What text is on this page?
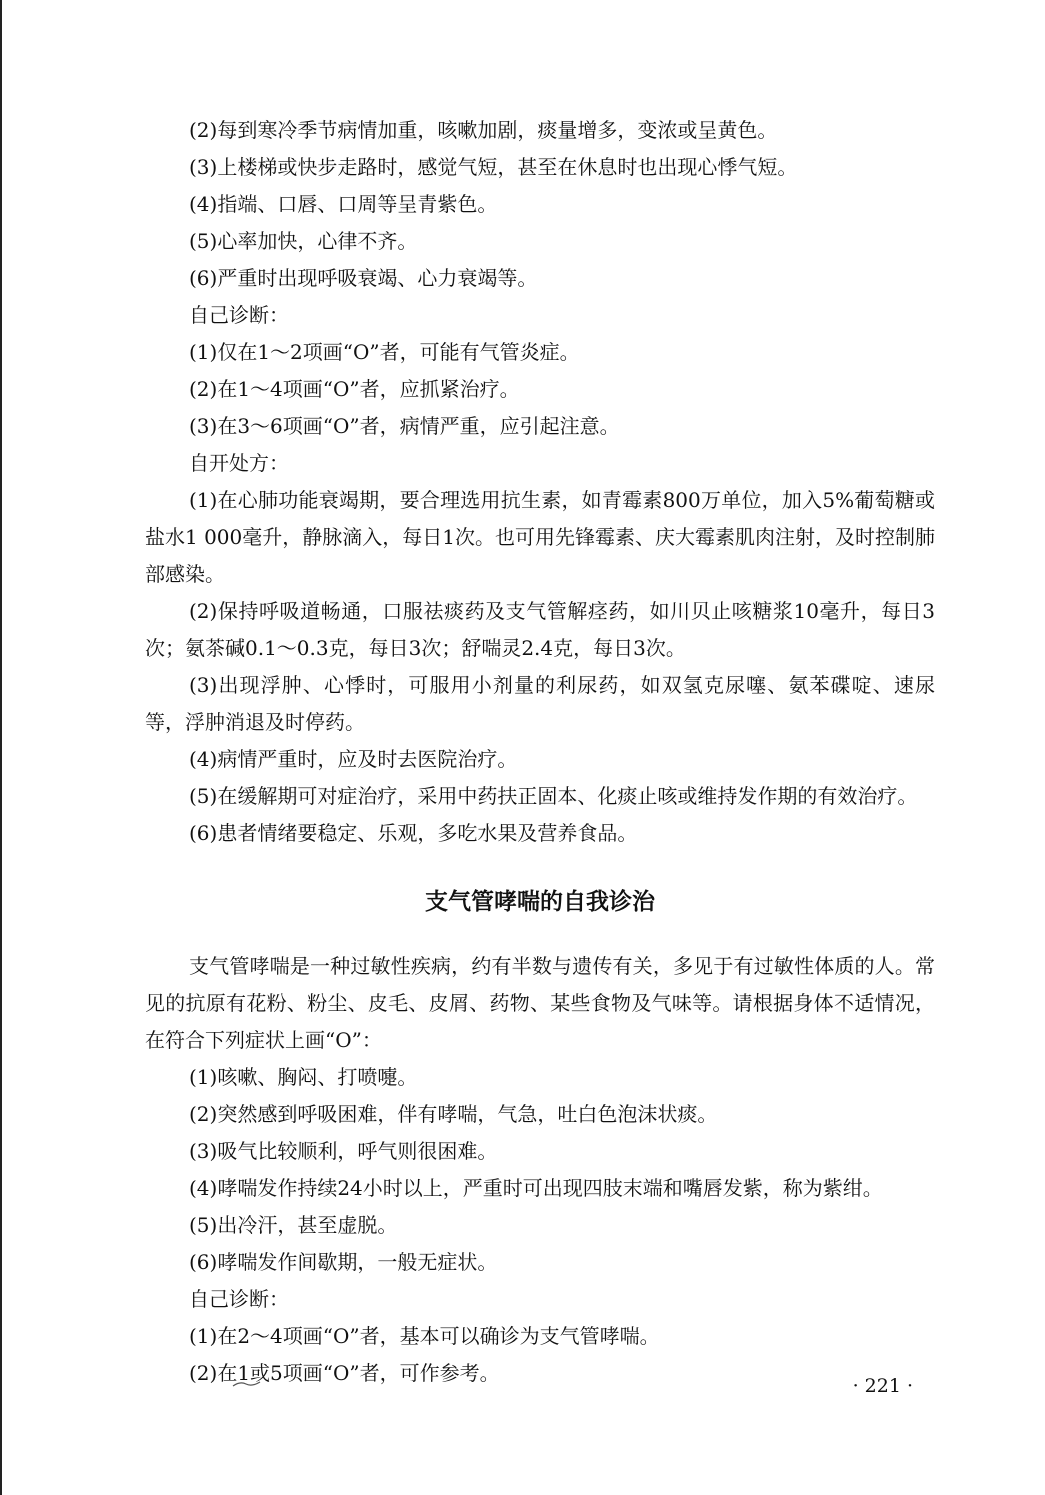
(2)每到寒冷季节病情加重，咳嗽加剧，痰量增多，变浓或呈黄色。

(3)上楼梯或快步走路时，感觉气短，甚至在休息时也出现心悸气短。

(4)指端、口唇、口周等呈青紫色。

(5)心率加快，心律不齐。

(6)严重时出现呼吸衰竭、心力衰竭等。

自己诊断：

(1)仅在1～2项画“O”者，可能有气管炎症。

(2)在1～4项画“O”者，应抓紧治疗。

(3)在3～6项画“O”者，病情严重，应引起注意。

自开处方：

(1)在心肺功能衰竭期，要合理选用抗生素，如青霉素800万单位，加入5%葡萄糖或盐水1 000毫升，静脉滴入，每日1次。也可用先锋霉素、庆大霉素肌肉注射，及时控制肺部感染。

(2)保持呼吸道畅通，口服祛痰药及支气管解痉药，如川贝止咳糖浆10毫升，每日3次；氨茶碱0.1～0.3克，每日3次；舒喘灵2.4克，每日3次。

(3)出现浮肿、心悸时，可服用小剂量的利尿药，如双氢克尿噻、氨苯碟啶、速尿等，浮肿消退及时停药。

(4)病情严重时，应及时去医院治疗。

(5)在缓解期可对症治疗，采用中药扶正固本、化痰止咳或维持发作期的有效治疗。

(6)患者情绪要稳定、乐观，多吃水果及营养食品。

支气管哮喘的自我诊治

支气管哮喘是一种过敏性疾病，约有半数与遗传有关，多见于有过敏性体质的人。常见的抗原有花粉、粉尘、皮毛、皮屑、药物、某些食物及气味等。请根据身体不适情况，在符合下列症状上画“O”：

(1)咳嗽、胸闷、打喷嚏。

(2)突然感到呼吸困难，伴有哮喘，气急，吐白色泡沫状痰。

(3)吸气比较顺利，呼气则很困难。

(4)哮喘发作持续24小时以上，严重时可出现四肢末端和嘴唇发紫，称为紫绀。

(5)出冷汗，甚至虚脱。

(6)哮喘发作间歇期，一般无症状。

自己诊断：

(1)在2～4项画“O”者，基本可以确诊为支气管哮喘。

(2)在1或5项画“O”者，可作参考。

· 221 ·
